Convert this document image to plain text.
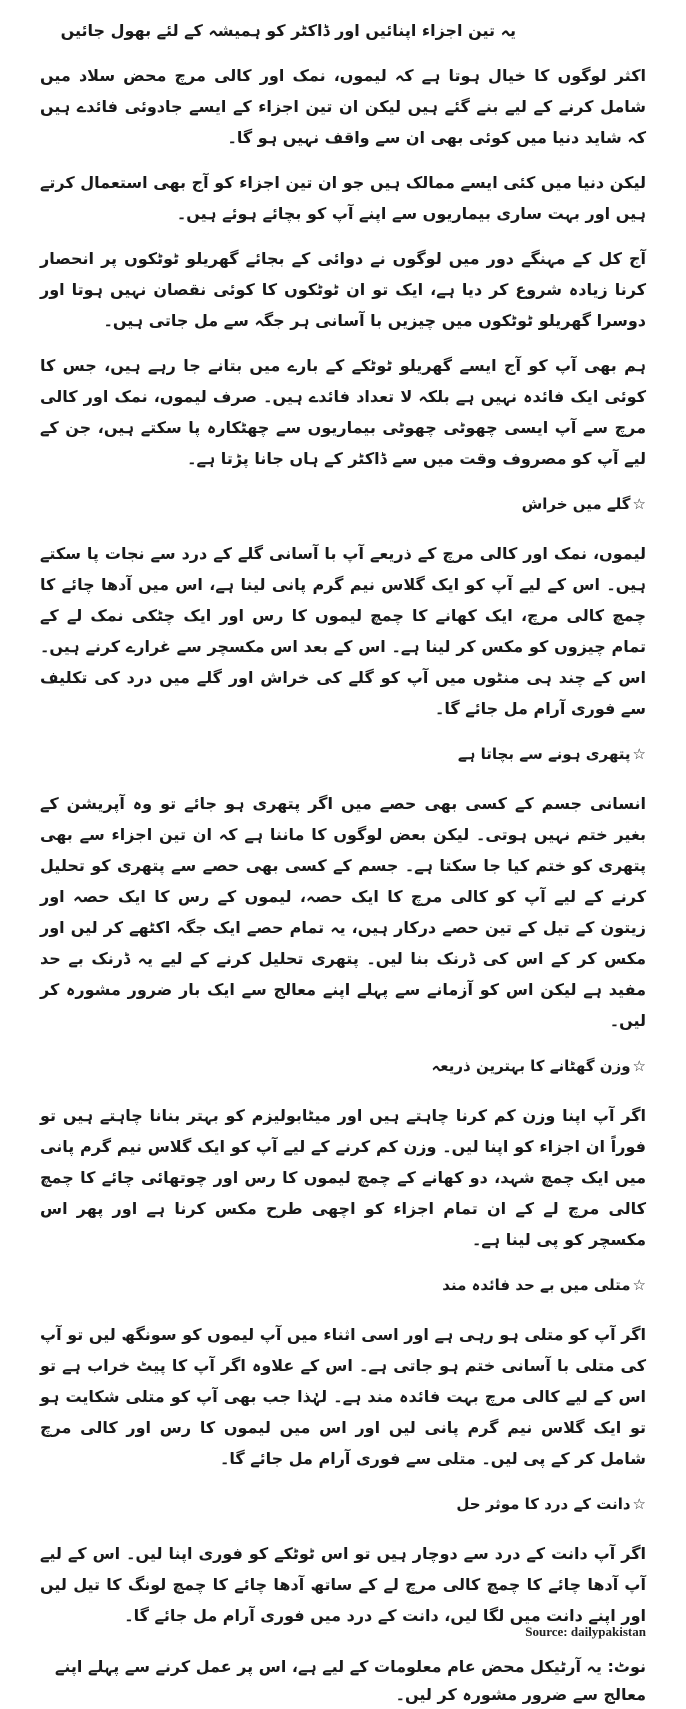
یہ تین اجزاء اپنائیں اور ڈاکٹر کو ہمیشہ کے لئے بھول جائیں

اکثر لوگوں کا خیال ہوتا ہے کہ لیموں، نمک اور کالی مرچ محض سلاد میں شامل کرنے کے لیے بنے گئے ہیں لیکن ان تین اجزاء کے ایسے جادوئی فائدے ہیں کہ شاید دنیا میں کوئی بھی ان سے واقف نہیں ہو گا۔

لیکن دنیا میں کئی ایسے ممالک ہیں جو ان تین اجزاء کو آج بھی استعمال کرتے ہیں اور بہت ساری بیماریوں سے اپنے آپ کو بچائے ہوئے ہیں۔

آج کل کے مہنگے دور میں لوگوں نے دوائی کے بجائے گھریلو ٹوٹکوں پر انحصار کرنا زیادہ شروع کر دیا ہے، ایک تو ان ٹوٹکوں کا کوئی نقصان نہیں ہوتا اور دوسرا گھریلو ٹوٹکوں میں چیزیں با آسانی ہر جگہ سے مل جاتی ہیں۔

ہم بھی آپ کو آج ایسے گھریلو ٹوٹکے کے بارے میں بتانے جا رہے ہیں، جس کا کوئی ایک فائدہ نہیں ہے بلکہ لا تعداد فائدے ہیں۔ صرف لیموں، نمک اور کالی مرچ سے آپ ایسی چھوٹی چھوٹی بیماریوں سے چھٹکارہ پا سکتے ہیں، جن کے لیے آپ کو مصروف وقت میں سے ڈاکٹر کے ہاں جانا پڑتا ہے۔

☆گلے میں خراش

لیموں، نمک اور کالی مرچ کے ذریعے آپ با آسانی گلے کے درد سے نجات پا سکتے ہیں۔ اس کے لیے آپ کو ایک گلاس نیم گرم پانی لینا ہے، اس میں آدھا چائے کا چمچ کالی مرچ، ایک کھانے کا چمچ لیموں کا رس اور ایک چٹکی نمک لے کے تمام چیزوں کو مکس کر لینا ہے۔ اس کے بعد اس مکسچر سے غرارے کرنے ہیں۔ اس کے چند ہی منٹوں میں آپ کو گلے کی خراش اور گلے میں درد کی تکلیف سے فوری آرام مل جائے گا۔

☆پتھری ہونے سے بچاتا ہے

انسانی جسم کے کسی بھی حصے میں اگر پتھری ہو جائے تو وہ آپریشن کے بغیر ختم نہیں ہوتی۔ لیکن بعض لوگوں کا ماننا ہے کہ ان تین اجزاء سے بھی پتھری کو ختم کیا جا سکتا ہے۔ جسم کے کسی بھی حصے سے پتھری کو تحلیل کرنے کے لیے آپ کو کالی مرچ کا ایک حصہ، لیموں کے رس کا ایک حصہ اور زیتون کے تیل کے تین حصے درکار ہیں، یہ تمام حصے ایک جگہ اکٹھے کر لیں اور مکس کر کے اس کی ڈرنک بنا لیں۔ پتھری تحلیل کرنے کے لیے یہ ڈرنک بے حد مفید ہے لیکن اس کو آزمانے سے پہلے اپنے معالج سے ایک بار ضرور مشورہ کر لیں۔

☆وزن گھٹانے کا بہترین ذریعہ

اگر آپ اپنا وزن کم کرنا چاہتے ہیں اور میٹابولیزم کو بہتر بنانا چاہتے ہیں تو فوراً ان اجزاء کو اپنا لیں۔ وزن کم کرنے کے لیے آپ کو ایک گلاس نیم گرم پانی میں ایک چمچ شہد، دو کھانے کے چمچ لیموں کا رس اور چوتھائی چائے کا چمچ کالی مرچ لے کے ان تمام اجزاء کو اچھی طرح مکس کرنا ہے اور پھر اس مکسچر کو پی لینا ہے۔

☆متلی میں بے حد فائدہ مند

اگر آپ کو متلی ہو رہی ہے اور اسی اثناء میں آپ لیموں کو سونگھ لیں تو آپ کی متلی با آسانی ختم ہو جاتی ہے۔ اس کے علاوہ اگر آپ کا پیٹ خراب ہے تو اس کے لیے کالی مرچ بہت فائدہ مند ہے۔ لہٰذا جب بھی آپ کو متلی شکایت ہو تو ایک گلاس نیم گرم پانی لیں اور اس میں لیموں کا رس اور کالی مرچ شامل کر کے پی لیں۔ متلی سے فوری آرام مل جائے گا۔

☆دانت کے درد کا موثر حل

اگر آپ دانت کے درد سے دوچار ہیں تو اس ٹوٹکے کو فوری اپنا لیں۔ اس کے لیے آپ آدھا چائے کا چمچ کالی مرچ لے کے ساتھ آدھا چائے کا چمچ لونگ کا تیل لیں اور اپنے دانت میں لگا لیں، دانت کے درد میں فوری آرام مل جائے گا۔

نوٹ: یہ آرٹیکل محض عام معلومات کے لیے ہے، اس پر عمل کرنے سے پہلے اپنے معالج سے ضرور مشورہ کر لیں۔

Source: dailypakistan
